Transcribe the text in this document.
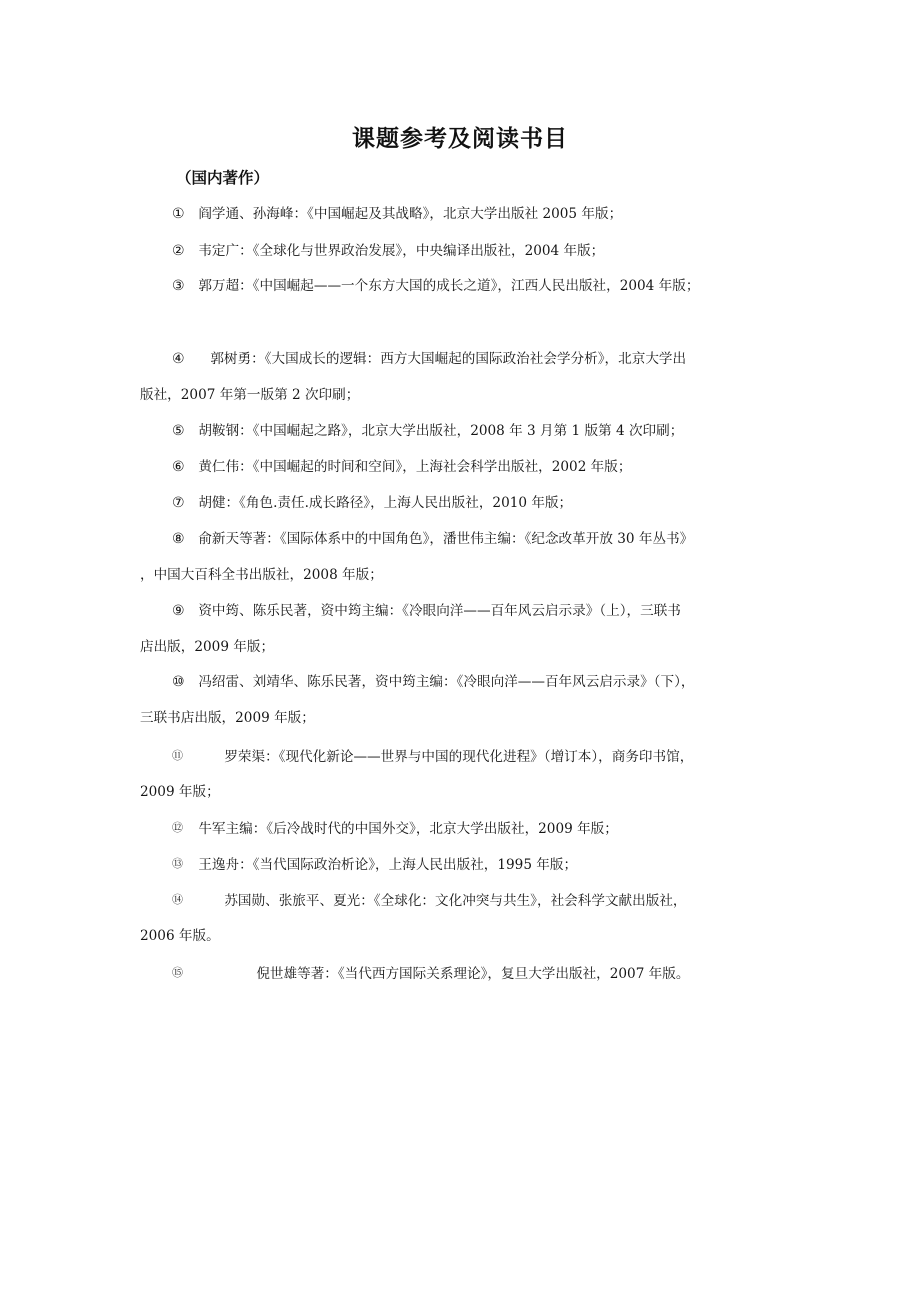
课题参考及阅读书目
（国内著作）
① 阎学通、孙海峰：《中国崛起及其战略》，北京大学出版社 2005 年版；
② 韦定广：《全球化与世界政治发展》，中央编译出版社，2004 年版；
③ 郭万超：《中国崛起——一个东方大国的成长之道》，江西人民出版社，2004 年版；
④ 郭树勇：《大国成长的逻辑：西方大国崛起的国际政治社会学分析》，北京大学出
版社，2007 年第一版第 2 次印刷；
⑤ 胡鞍钢：《中国崛起之路》，北京大学出版社，2008 年 3 月第 1 版第 4 次印刷；
⑥ 黄仁伟：《中国崛起的时间和空间》，上海社会科学出版社，2002 年版；
⑦ 胡健：《角色.责任.成长路径》，上海人民出版社，2010 年版；
⑧ 俞新天等著：《国际体系中的中国角色》，潘世伟主编：《纪念改革开放 30 年丛书》
，中国大百科全书出版社，2008 年版；
⑨ 资中筠、陈乐民著，资中筠主编：《冷眼向洋——百年风云启示录》（上），三联书
店出版，2009 年版；
⑩ 冯绍雷、刘靖华、陈乐民著，资中筠主编：《冷眼向洋——百年风云启示录》（下），
三联书店出版，2009 年版；
⑪	罗荣渠：《现代化新论——世界与中国的现代化进程》（增订本），商务印书馆，
2009 年版；
⑫ 牛军主编：《后冷战时代的中国外交》，北京大学出版社，2009 年版；
⑬ 王逸舟：《当代国际政治析论》，上海人民出版社，1995 年版；
⑭	苏国勋、张旅平、夏光：《全球化：文化冲突与共生》，社会科学文献出版社，
2006 年版。
⑮	倪世雄等著：《当代西方国际关系理论》，复旦大学出版社，2007 年版。
